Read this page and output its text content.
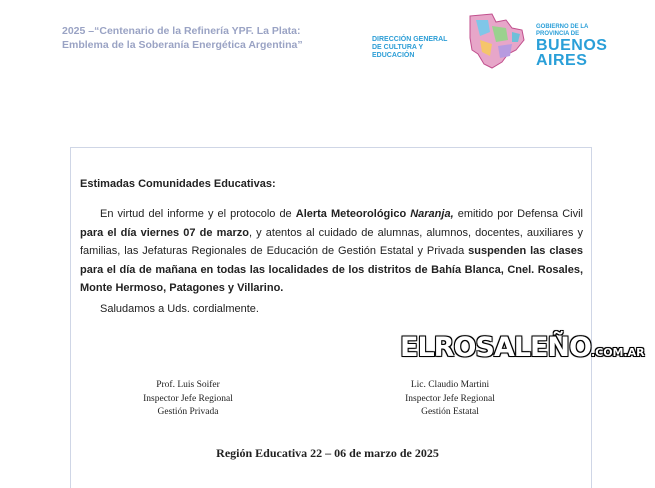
2025 –“Centenario de la Refinería YPF. La Plata:
Emblema de la Soberanía Energética Argentina”	DIRECCIÓN GENERAL
DE CULTURA Y
EDUCACIÓN
GOBIERNO DE LA
PROVINCIA DE
BUENOS
AIRES
Estimadas Comunidades Educativas:
En virtud del informe y el protocolo de Alerta Meteorológico Naranja, emitido por Defensa Civil para el día viernes 07 de marzo, y atentos al cuidado de alumnas, alumnos, docentes, auxiliares y familias, las Jefaturas Regionales de Educación de Gestión Estatal y Privada suspenden las clases para el día de mañana en todas las localidades de los distritos de Bahía Blanca, Cnel. Rosales, Monte Hermoso, Patagones y Villarino.
Saludamos a Uds. cordialmente.
ELROSALEÑO.COM.AR
Prof. Luis Soifer
Inspector Jefe Regional
Gestión Privada
Lic. Claudio Martini
Inspector Jefe Regional
Gestión Estatal
Región Educativa 22 – 06 de marzo de 2025
